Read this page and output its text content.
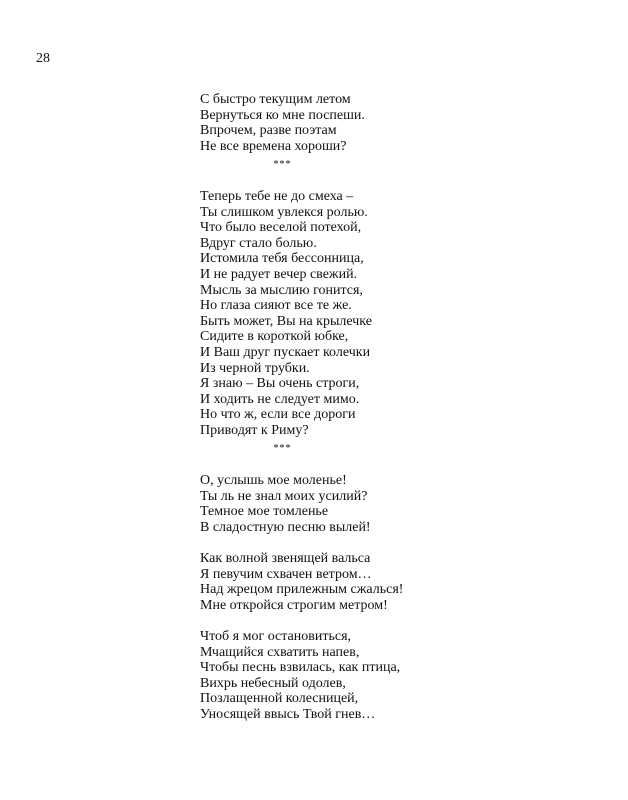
28
С быстро текущим летом
Вернуться ко мне поспеши.
Впрочем, разве поэтам
Не все времена хороши?
***
Теперь тебе не до смеха –
Ты слишком увлекся ролью.
Что было веселой потехой,
Вдруг стало болью.
Истомила тебя бессонница,
И не радует вечер свежий.
Мысль за мыслию гонится,
Но глаза сияют все те же.
Быть может, Вы на крылечке
Сидите в короткой юбке,
И Ваш друг пускает колечки
Из черной трубки.
Я знаю – Вы очень строги,
И ходить не следует мимо.
Но что ж, если все дороги
Приводят к Риму?
***
О, услышь мое моленье!
Ты ль не знал моих усилий?
Темное мое томленье
В сладостную песню вылей!
Как волной звенящей вальса
Я певучим схвачен ветром…
Над жрецом прилежным сжалься!
Мне откройся строгим метром!
Чтоб я мог остановиться,
Мчащийся схватить напев,
Чтобы песнь взвилась, как птица,
Вихрь небесный одолев,
Позлащенной колесницей,
Уносящей ввысь Твой гнев…
